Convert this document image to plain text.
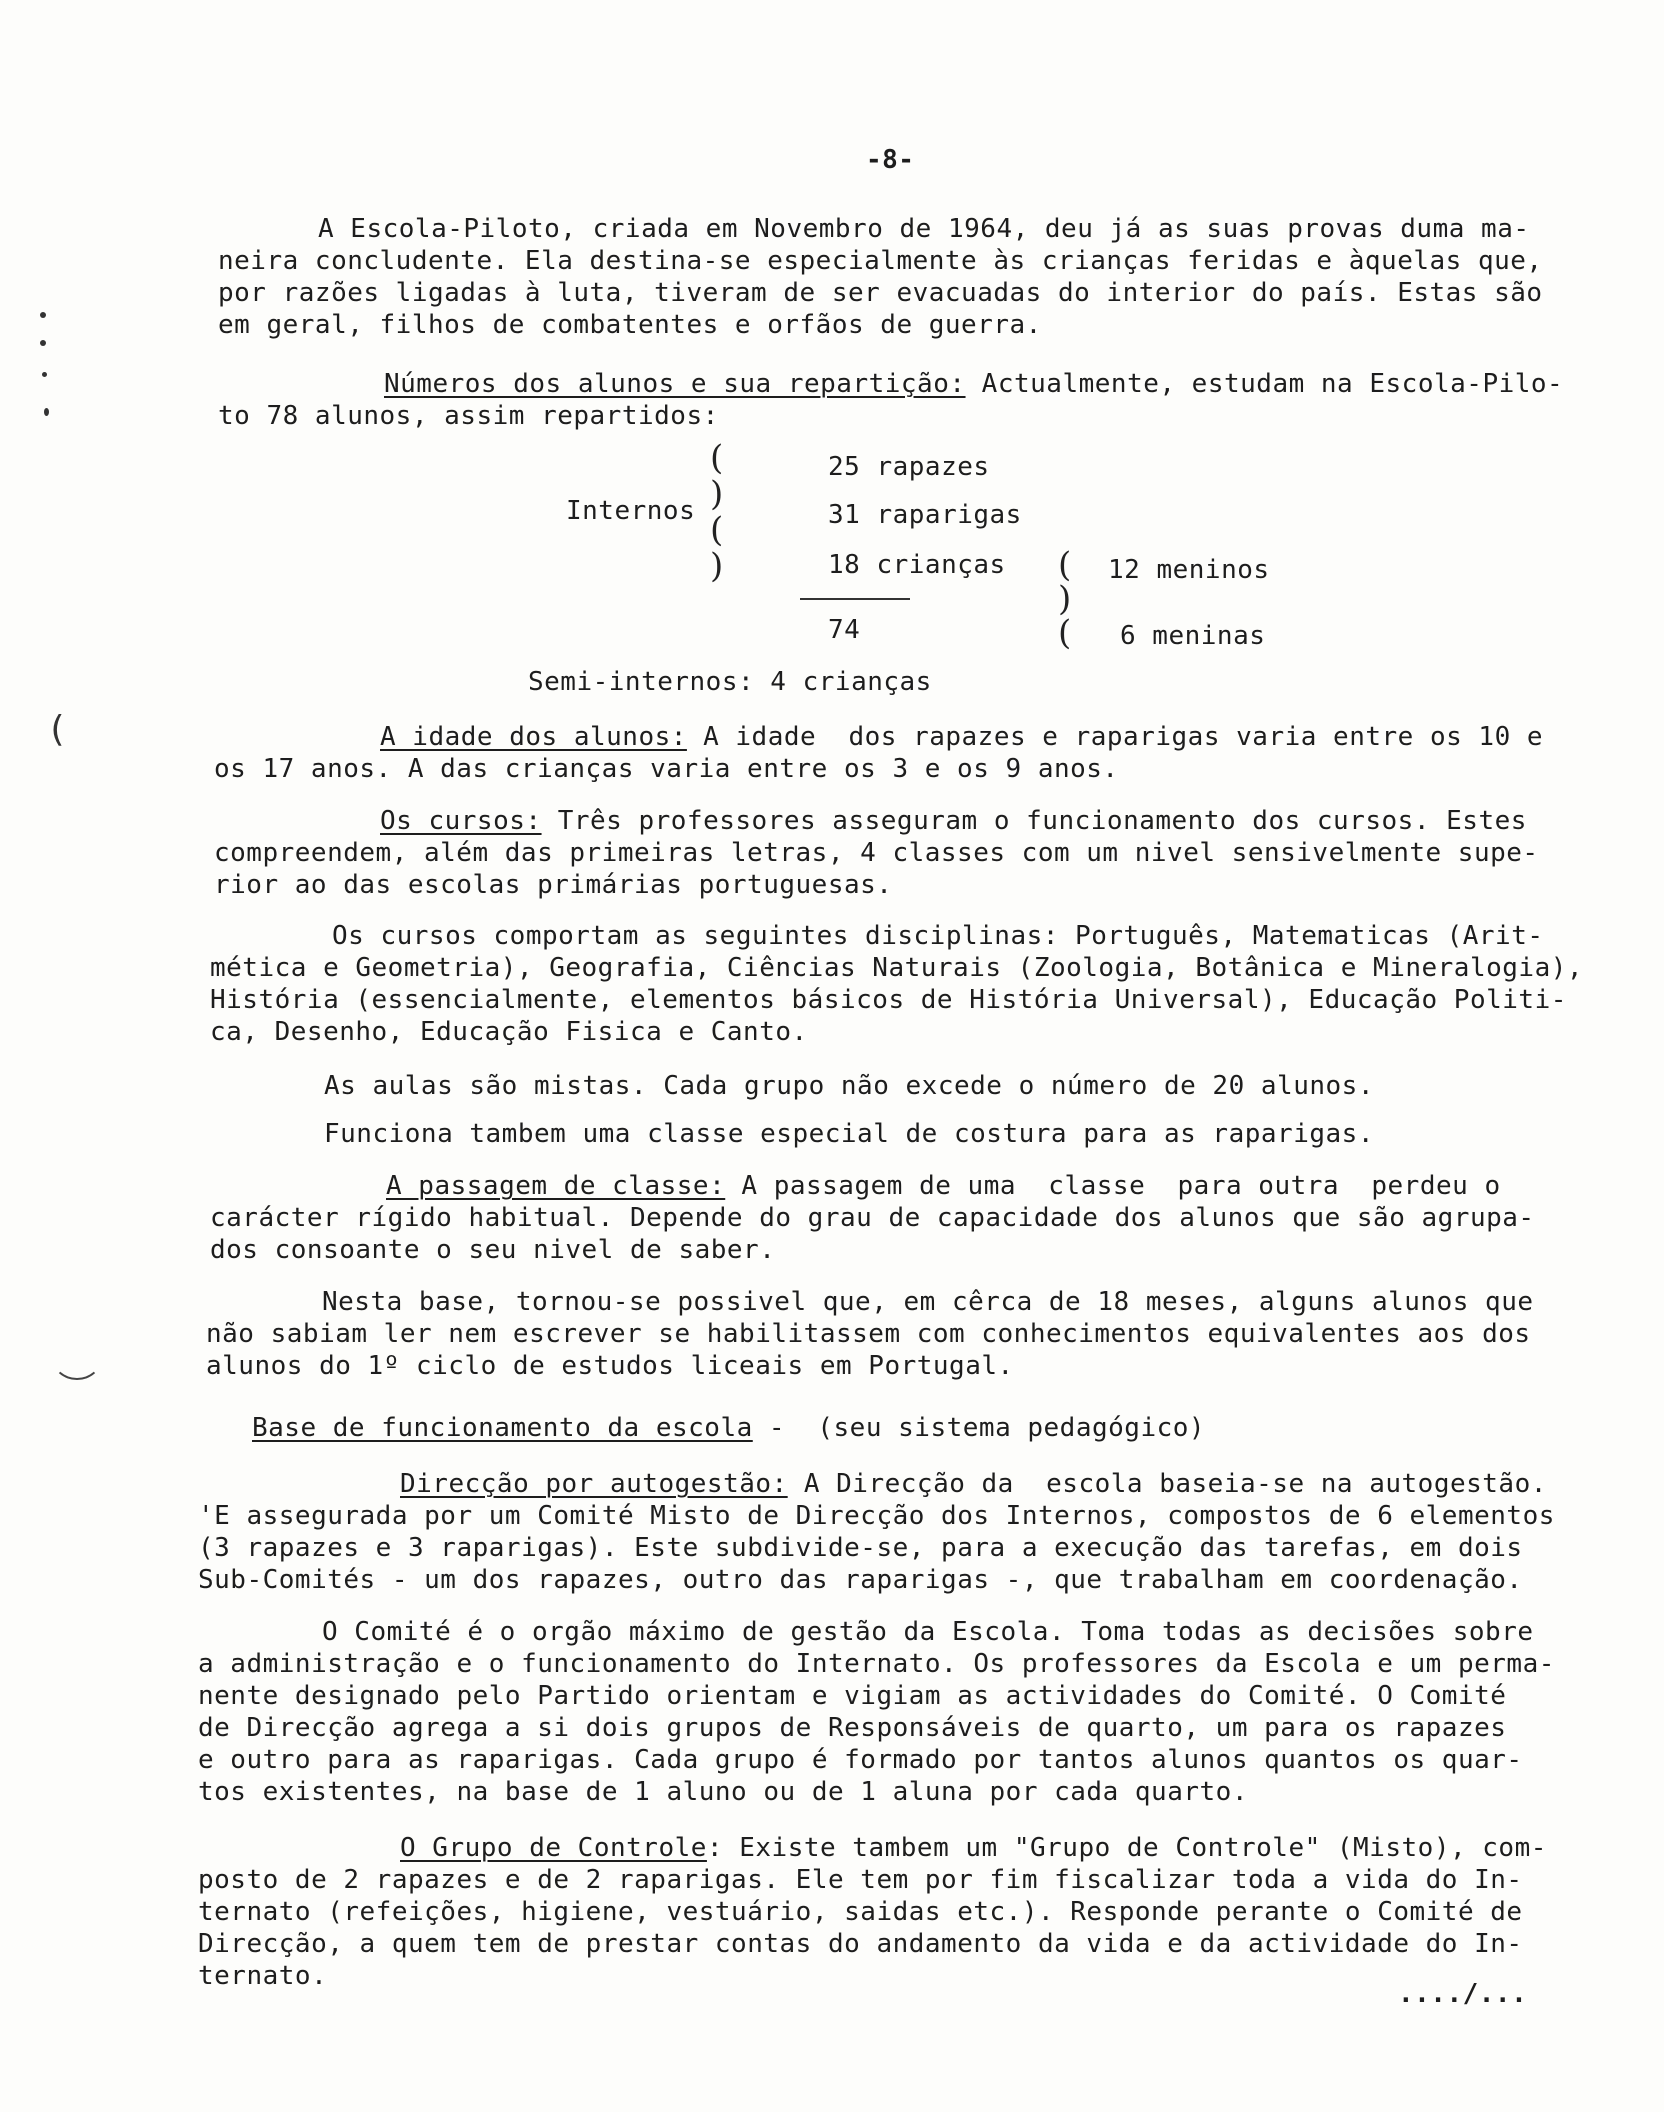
-8-
A Escola-Piloto, criada em Novembro de 1964, deu já as suas provas duma ma-
neira concludente. Ela destina-se especialmente às crianças feridas e àquelas que,
por razões ligadas à luta, tiveram de ser evacuadas do interior do país. Estas são
em geral, filhos de combatentes e orfãos de guerra.
Números dos alunos e sua repartição: Actualmente, estudam na Escola-Pilo-
to 78 alunos, assim repartidos:
Internos
(
)
(
)
25 rapazes
31 raparigas
18 crianças
74
(
)
(
12 meninos
6 meninas
Semi-internos: 4 crianças
A idade dos alunos: A idade  dos rapazes e raparigas varia entre os 10 e
os 17 anos. A das crianças varia entre os 3 e os 9 anos.
Os cursos: Três professores asseguram o funcionamento dos cursos. Estes
compreendem, além das primeiras letras, 4 classes com um nivel sensivelmente supe-
rior ao das escolas primárias portuguesas.
Os cursos comportam as seguintes disciplinas: Português, Matematicas (Arit-
mética e Geometria), Geografia, Ciências Naturais (Zoologia, Botânica e Mineralogia),
História (essencialmente, elementos básicos de História Universal), Educação Politi-
ca, Desenho, Educação Fisica e Canto.
As aulas são mistas. Cada grupo não excede o número de 20 alunos.
Funciona tambem uma classe especial de costura para as raparigas.
A passagem de classe: A passagem de uma  classe  para outra  perdeu o
carácter rígido habitual. Depende do grau de capacidade dos alunos que são agrupa-
dos consoante o seu nivel de saber.
Nesta base, tornou-se possivel que, em cêrca de 18 meses, alguns alunos que
não sabiam ler nem escrever se habilitassem com conhecimentos equivalentes aos dos
alunos do 1º ciclo de estudos liceais em Portugal.
Base de funcionamento da escola -  (seu sistema pedagógico)
Direcção por autogestão: A Direcção da  escola baseia-se na autogestão.
'E assegurada por um Comité Misto de Direcção dos Internos, compostos de 6 elementos
(3 rapazes e 3 raparigas). Este subdivide-se, para a execução das tarefas, em dois
Sub-Comités - um dos rapazes, outro das raparigas -, que trabalham em coordenação.
O Comité é o orgão máximo de gestão da Escola. Toma todas as decisões sobre
a administração e o funcionamento do Internato. Os professores da Escola e um perma-
nente designado pelo Partido orientam e vigiam as actividades do Comité. O Comité
de Direcção agrega a si dois grupos de Responsáveis de quarto, um para os rapazes
e outro para as raparigas. Cada grupo é formado por tantos alunos quantos os quar-
tos existentes, na base de 1 aluno ou de 1 aluna por cada quarto.
O Grupo de Controle: Existe tambem um "Grupo de Controle" (Misto), com-
posto de 2 rapazes e de 2 raparigas. Ele tem por fim fiscalizar toda a vida do In-
ternato (refeições, higiene, vestuário, saidas etc.). Responde perante o Comité de
Direcção, a quem tem de prestar contas do andamento da vida e da actividade do In-
ternato.
..../...
(
